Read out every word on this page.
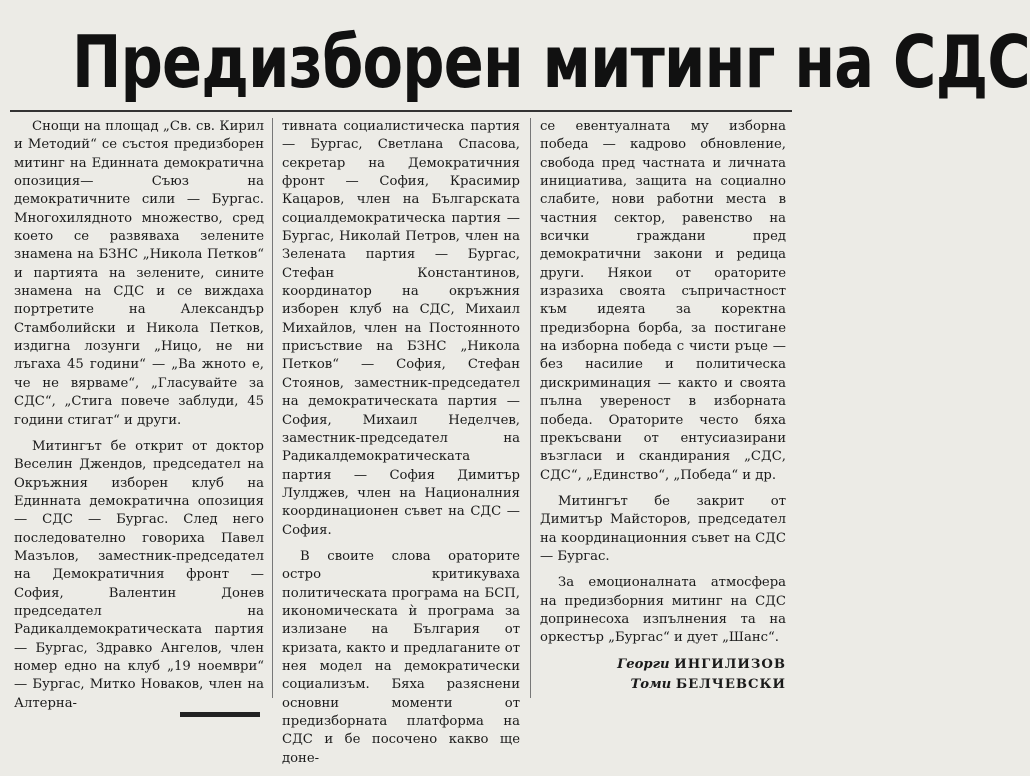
Предизборен митинг на СДС

Снощи на площад „Св. св. Кирил и Методий“ се състоя предизборен митинг на Единната демократична опозиция— Съюз на демократичните сили — Бургас. Многохилядното множество, сред което се развяваха зелените знамена на БЗНС „Никола Петков“ и партията на зелените, сините знамена на СДС и се виждаха портретите на Александър Стамболийски и Никола Петков, издигна лозунги „Ницо, не ни лъгаха 45 години“ — „Ва жното е, че не вярваме“, „Гласувайте за СДС“, „Стига повече заблуди, 45 години стигат“ и други.

Митингът бе открит от доктор Веселин Джендов, председател на Окръжния изборен клуб на Единната демократична опозиция — СДС — Бургас. След него последователно говориха Павел Мазълов, заместник-председател на Демократичния фронт — София, Валентин Донев председател на Радикалдемократическата партия — Бургас, Здравко Ангелов, член номер едно на клуб „19 ноември“ — Бургас, Митко Новаков, член на Алтерна-

тивната социалистическа партия — Бургас, Светлана Спасова, секретар на Демократичния фронт — София, Красимир Кацаров, член на Българската социалдемократическа партия — Бургас, Николай Петров, член на Зелената партия — Бургас, Стефан Константинов, координатор на окръжния изборен клуб на СДС, Михаил Михайлов, член на Постоянното присъствие на БЗНС „Никола Петков“ — София, Стефан Стоянов, заместник-председател на демократическата партия — София, Михаил Неделчев, заместник-председател на Радикалдемократическата партия — София Димитър Лулджев, член на Националния координационен съвет на СДС — София.

В своите слова ораторите остро критикуваха политическата програма на БСП, икономическата ѝ програма за излизане на България от кризата, както и предлаганите от нея модел на демократически социализъм. Бяха разяснени основни моменти от предизборната платформа на СДС и бе посочено какво ще доне-

се евентуалната му изборна победа — кадрово обновление, свобода пред частната и личната инициатива, защита на социално слабите, нови работни места в частния сектор, равенство на всички граждани пред демократични закони и редица други. Някои от ораторите изразиха своята съпричастност към идеята за коректна предизборна борба, за постигане на изборна победа с чисти ръце — без насилие и политическа дискриминация — както и своята пълна увереност в изборната победа. Ораторите често бяха прекъсвани от ентусиазирани възгласи и скандирания „СДС, СДС“, „Единство“, „Победа“ и др.

Митингът бе закрит от Димитър Майсторов, председател на координационния съвет на СДС — Бургас.

За емоционалната атмосфера на предизборния митинг на СДС допринесоха изпълнения та на оркестър „Бургас“ и дует „Шанс“.

Георги ИНГИЛИЗОВ
Томи БЕЛЧЕВСКИ
